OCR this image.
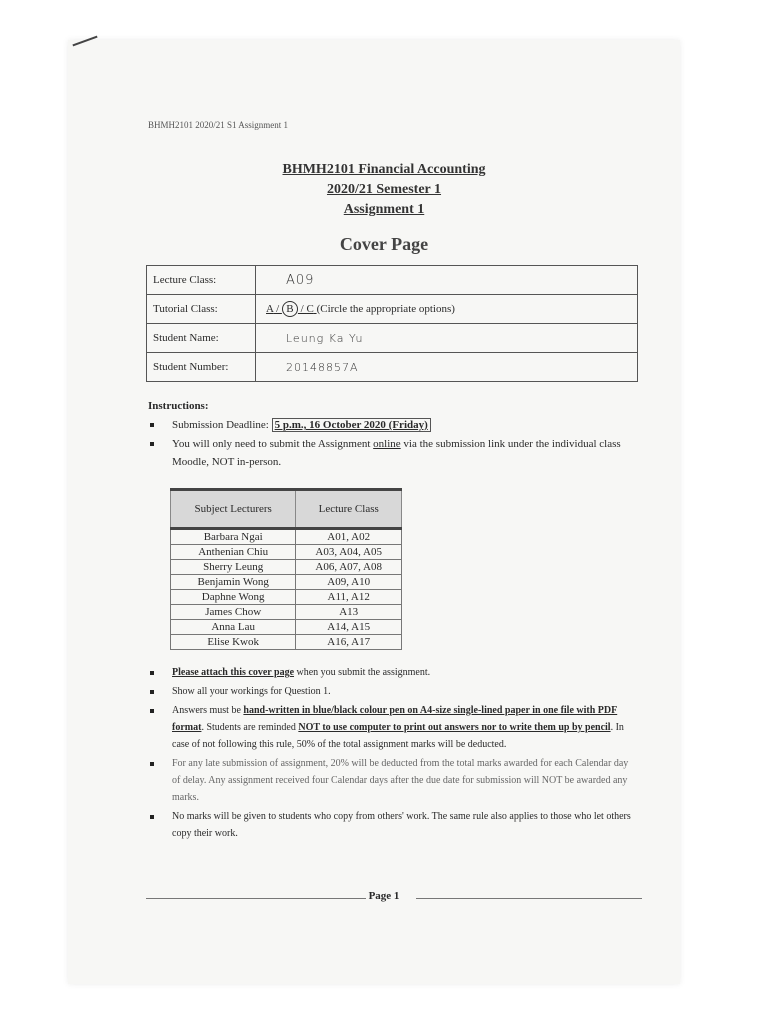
BHMH2101 2020/21 S1 Assignment 1
BHMH2101 Financial Accounting
2020/21 Semester 1
Assignment 1
Cover Page
Lecture Class:	A09
Tutorial Class:	A / B / C (Circle the appropriate options)
Student Name:	Leung Ka Yu
Student Number:	20148857A
Instructions:
Submission Deadline: 5 p.m., 16 October 2020 (Friday)
You will only need to submit the Assignment online via the submission link under the individual class Moodle, NOT in-person.
Subject Lecturers	Lecture Class
Barbara Ngai	A01, A02
Anthenian Chiu	A03, A04, A05
Sherry Leung	A06, A07, A08
Benjamin Wong	A09, A10
Daphne Wong	A11, A12
James Chow	A13
Anna Lau	A14, A15
Elise Kwok	A16, A17
Please attach this cover page when you submit the assignment.
Show all your workings for Question 1.
Answers must be hand-written in blue/black colour pen on A4-size single-lined paper in one file with PDF format. Students are reminded NOT to use computer to print out answers nor to write them up by pencil. In case of not following this rule, 50% of the total assignment marks will be deducted.
For any late submission of assignment, 20% will be deducted from the total marks awarded for each Calendar day of delay. Any assignment received four Calendar days after the due date for submission will NOT be awarded any marks.
No marks will be given to students who copy from others' work. The same rule also applies to those who let others copy their work.
Page 1
